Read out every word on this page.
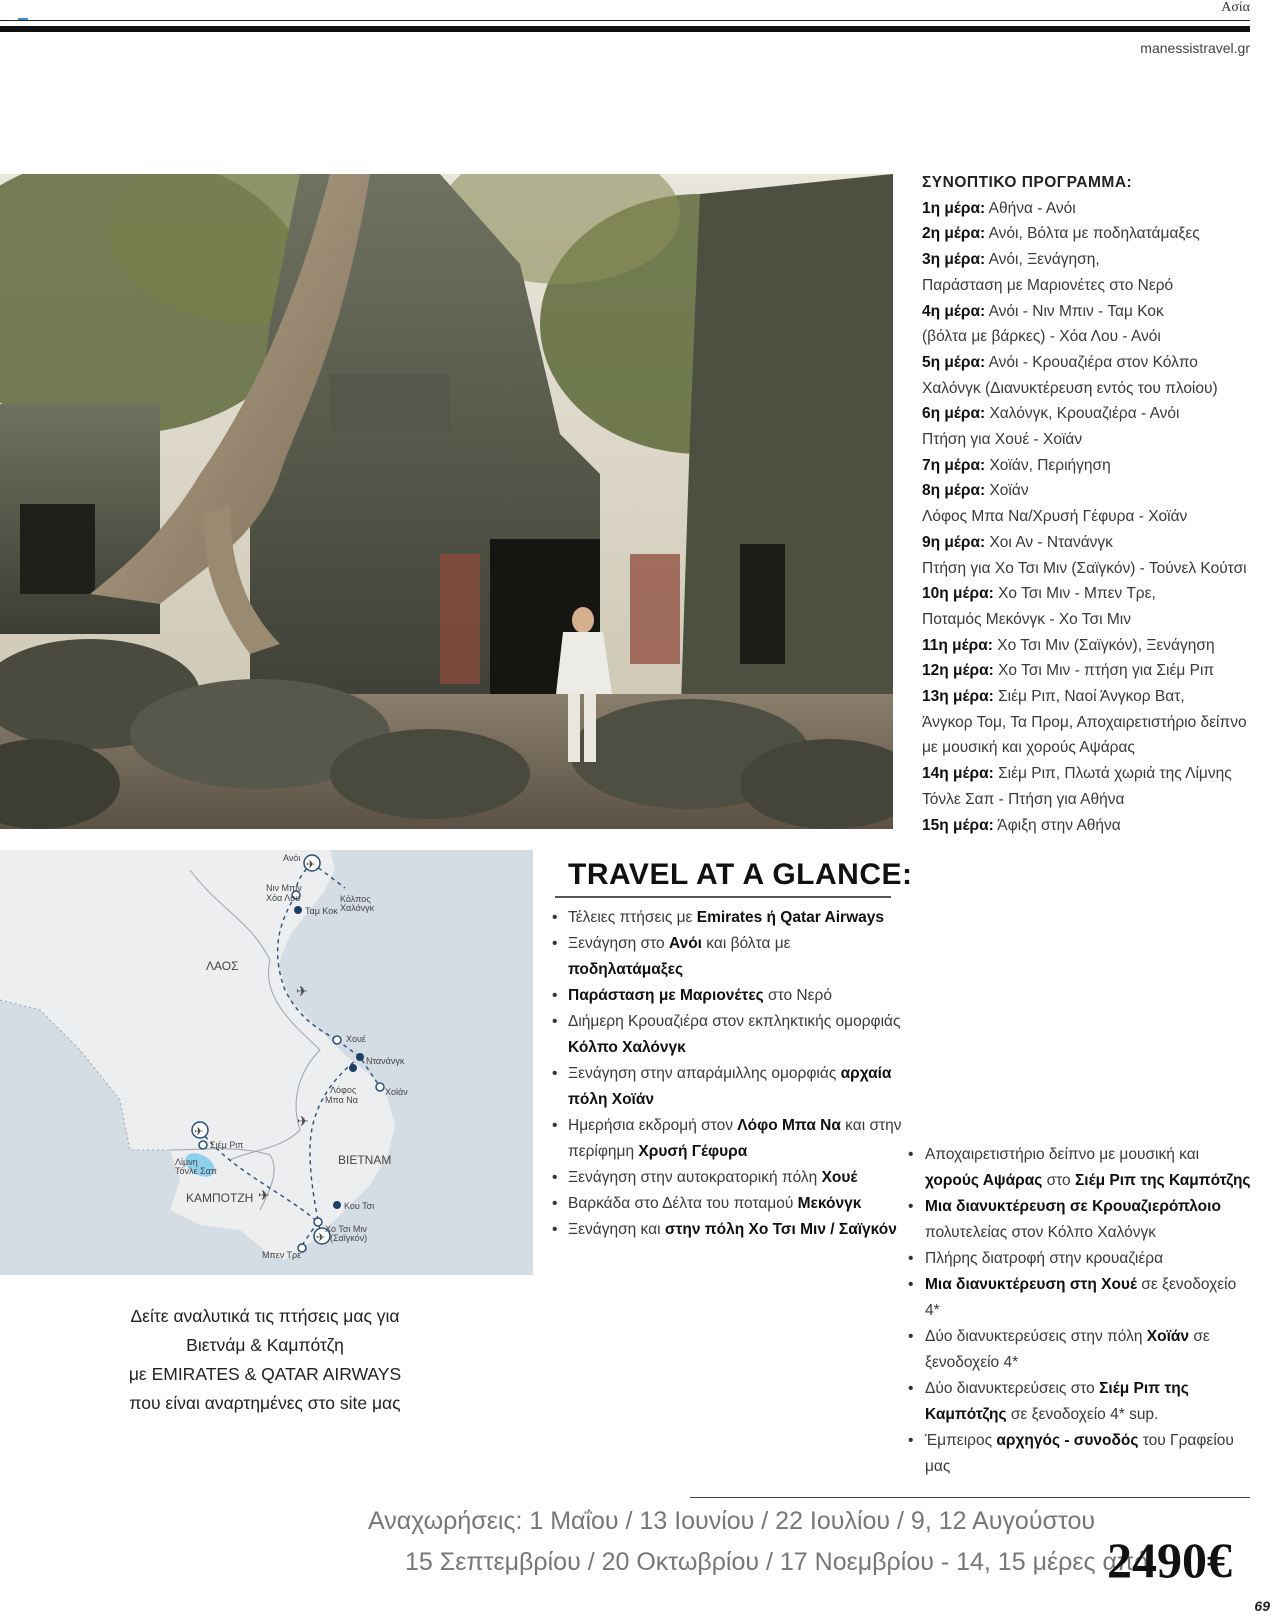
Ασία
manessistravel.gr
ΣΥΝΟΠΤΙΚΟ ΠΡΟΓΡΑΜΜΑ:
1η μέρα: Αθήνα - Ανόι
2η μέρα: Ανόι, Βόλτα με ποδηλατάμαξες
3η μέρα: Ανόι, Ξενάγηση,
Παράσταση με Μαριονέτες στο Νερό
4η μέρα: Ανόι - Νιν Μπιν - Ταμ Κοκ
(βόλτα με βάρκες) - Χόα Λου - Ανόι
5η μέρα: Ανόι - Κρουαζιέρα στον Κόλπο
Χαλόνγκ (Διανυκτέρευση εντός του πλοίου)
6η μέρα: Χαλόνγκ, Κρουαζιέρα - Ανόι
Πτήση για Χουέ - Χοϊάν
7η μέρα: Χοϊάν, Περιήγηση
8η μέρα: Χοϊάν
Λόφος Μπα Να/Χρυσή Γέφυρα - Χοϊάν
9η μέρα: Χοι Αν - Ντανάνγκ
Πτήση για Χο Τσι Μιν (Σαϊγκόν) - Τούνελ Κούτσι
10η μέρα: Χο Τσι Μιν - Μπεν Τρε,
Ποταμός Μεκόνγκ - Χο Τσι Μιν
11η μέρα: Χο Τσι Μιν (Σαϊγκόν), Ξενάγηση
12η μέρα: Χο Τσι Μιν - πτήση για Σιέμ Ριπ
13η μέρα: Σιέμ Ριπ, Ναοί Άνγκορ Βατ,
Άνγκορ Τομ, Τα Προμ, Αποχαιρετιστήριο δείπνο
με μουσική και χορούς Αψάρας
14η μέρα: Σιέμ Ριπ, Πλωτά χωριά της Λίμνης
Τόνλε Σαπ - Πτήση για Αθήνα
15η μέρα: Άφιξη στην Αθήνα
✈
✈
✈
✈
✈
✈
Ανόι
Νιν Μπιν
Χόα Λου	Κόλπος
Χαλόνγκ
Ταμ Κοκ
ΛΑΟΣ
Χουέ
Ντανάνγκ
Λόφος
Μπα Να
Χοϊάν
ΒΙΕΤΝΑΜ
Σιέμ Ριπ
Λίμνη
Τόνλε Σαπ
ΚΑΜΠΟΤΖΗ
Κου Τσι
Χο Τσι Μιν
(Σαϊγκόν)
Μπεν Τρε
Δείτε αναλυτικά τις πτήσεις μας για
Βιετνάμ & Καμπότζη
με EMIRATES & QATAR AIRWAYS
που είναι αναρτημένες στο site μας
TRAVEL AT A GLANCE:
• Τέλειες πτήσεις με Emirates ή Qatar Airways
• Ξενάγηση στο Ανόι και βόλτα με ποδηλατάμαξες
• Παράσταση με Μαριονέτες στο Νερό
• Διήμερη Κρουαζιέρα στον εκπληκτικής ομορφιάς Κόλπο Χαλόνγκ
• Ξενάγηση στην απαράμιλλης ομορφιάς αρχαία πόλη Χοϊάν
• Ημερήσια εκδρομή στον Λόφο Μπα Να και στην περίφημη Χρυσή Γέφυρα
• Ξενάγηση στην αυτοκρατορική πόλη Χουέ
• Βαρκάδα στο Δέλτα του ποταμού Μεκόνγκ
• Ξενάγηση και στην πόλη Χο Τσι Μιν / Σαϊγκόν
• Αποχαιρετιστήριο δείπνο με μουσική και χορούς Αψάρας στο Σιέμ Ριπ της Καμπότζης
• Μια διανυκτέρευση σε Κρουαζιερόπλοιο πολυτελείας στον Κόλπο Χαλόνγκ
• Πλήρης διατροφή στην κρουαζιέρα
• Μια διανυκτέρευση στη Χουέ σε ξενοδοχείο 4*
• Δύο διανυκτερεύσεις στην πόλη Χοϊάν σε ξενοδοχείο 4*
• Δύο διανυκτερεύσεις στο Σιέμ Ριπ της Καμπότζης σε ξενοδοχείο 4* sup.
• Έμπειρος αρχηγός - συνοδός του Γραφείου μας
Αναχωρήσεις: 1 Μαΐου / 13 Ιουνίου / 22 Ιουλίου / 9, 12 Αυγούστου
15 Σεπτεμβρίου / 20 Οκτωβρίου / 17 Νοεμβρίου - 14, 15 μέρες από
2490€
69
